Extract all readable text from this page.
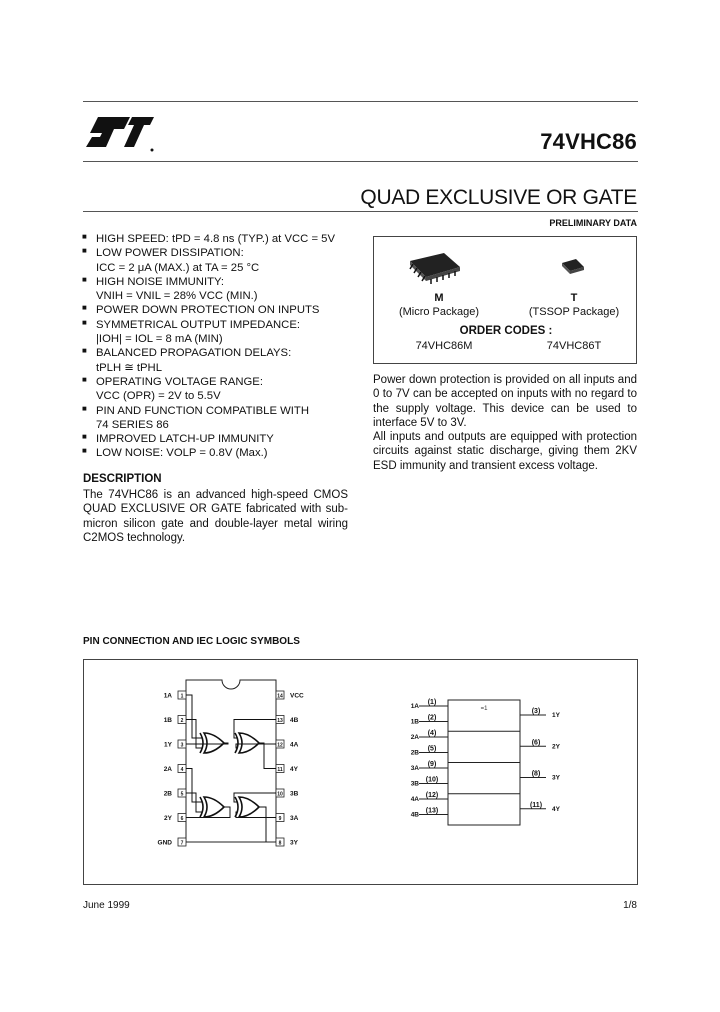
74VHC86
QUAD EXCLUSIVE OR GATE
PRELIMINARY DATA
■ HIGH SPEED: tPD = 4.8 ns (TYP.) at VCC = 5V
■ LOW POWER DISSIPATION:
ICC = 2 μA (MAX.) at TA = 25 °C
■ HIGH NOISE IMMUNITY:
VNIH = VNIL = 28% VCC (MIN.)
■ POWER DOWN PROTECTION ON INPUTS
■ SYMMETRICAL OUTPUT IMPEDANCE:
|IOH| = IOL = 8 mA (MIN)
■ BALANCED PROPAGATION DELAYS:
tPLH ≅ tPHL
■ OPERATING VOLTAGE RANGE:
VCC (OPR) = 2V to 5.5V
■ PIN AND FUNCTION COMPATIBLE WITH
74 SERIES 86
■ IMPROVED LATCH-UP IMMUNITY
■ LOW NOISE: VOLP = 0.8V (Max.)
DESCRIPTION
The 74VHC86 is an advanced high-speed CMOS QUAD EXCLUSIVE OR GATE fabricated with sub-micron silicon gate and double-layer metal wiring C2MOS technology.
M
(Micro Package)
T
(TSSOP Package)
ORDER CODES :
74VHC86M	74VHC86T
Power down protection is provided on all inputs and 0 to 7V can be accepted on inputs with no regard to the supply voltage. This device can be used to interface 5V to 3V.
All inputs and outputs are equipped with protection circuits against static discharge, giving them 2KV ESD immunity and transient excess voltage.
PIN CONNECTION AND IEC LOGIC SYMBOLS
1
1A	14 VCC
2
1B	13 4B
3
1Y	12 4A
4
2A	11 4Y
5
2B	10 3B
6
2Y	9 3A
7
GND	8 3Y
=1
1A
(1)
1B
(2)
2A
(4)
2B
(5)
3A
(9)
3B
(10)
4A
(12)
4B
(13)
(3)
1Y
(6)
2Y
(8)
3Y
(11)
4Y
June 1999	1/8
